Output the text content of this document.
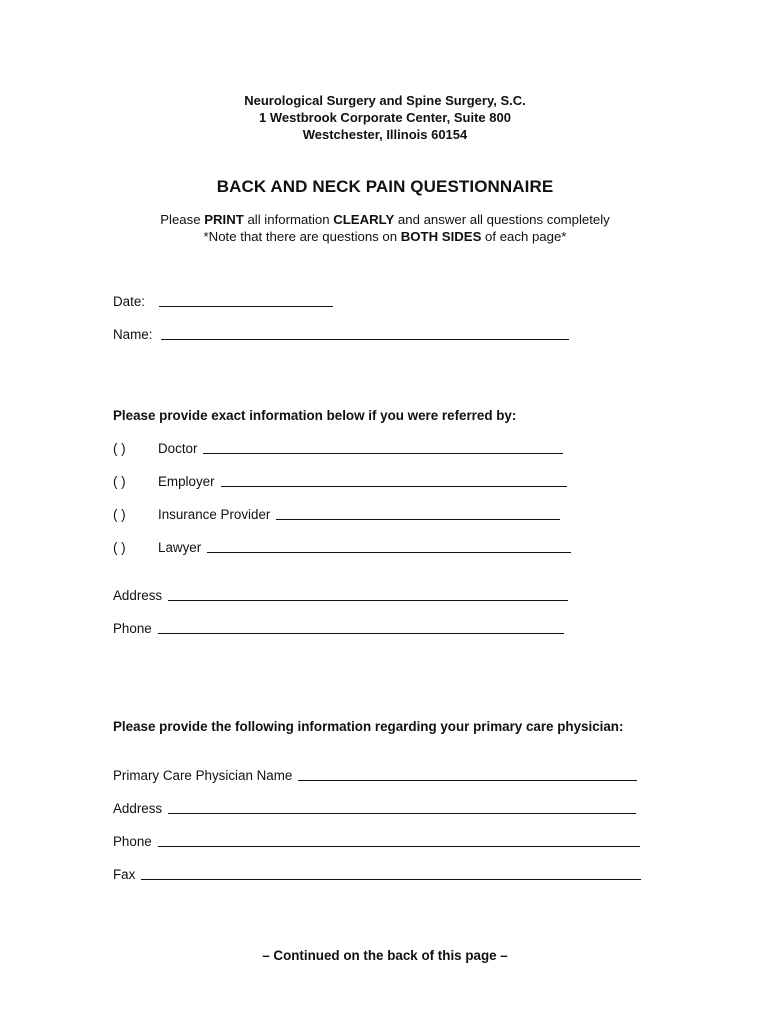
Neurological Surgery and Spine Surgery, S.C.
1 Westbrook Corporate Center, Suite 800
Westchester, Illinois 60154
BACK AND NECK PAIN QUESTIONNAIRE
Please PRINT all information CLEARLY and answer all questions completely
*Note that there are questions on BOTH SIDES of each page*
Date:
Name:
Please provide exact information below if you were referred by:
( ) Doctor
( ) Employer
( ) Insurance Provider
( ) Lawyer
Address
Phone
Please provide the following information regarding your primary care physician:
Primary Care Physician Name
Address
Phone
Fax
– Continued on the back of this page –
